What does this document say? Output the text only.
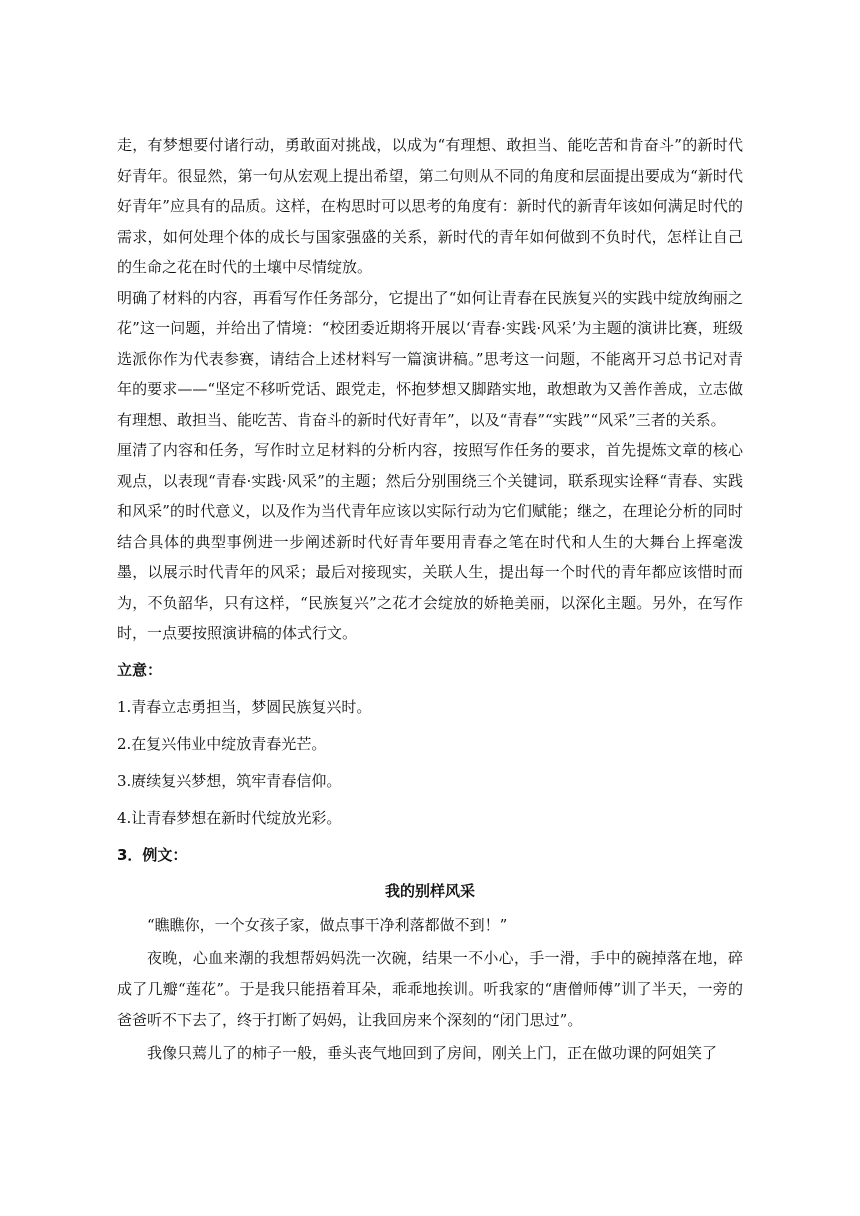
走，有梦想要付诸行动，勇敢面对挑战，以成为“有理想、敢担当、能吃苦和肯奋斗”的新时代好青年。很显然，第一句从宏观上提出希望，第二句则从不同的角度和层面提出要成为“新时代好青年”应具有的品质。这样，在构思时可以思考的角度有：新时代的新青年该如何满足时代的需求，如何处理个体的成长与国家强盛的关系，新时代的青年如何做到不负时代，怎样让自己的生命之花在时代的土壤中尽情绽放。

明确了材料的内容，再看写作任务部分，它提出了“如何让青春在民族复兴的实践中绽放绚丽之花”这一问题，并给出了情境：“校团委近期将开展以‘青春·实践·风采’为主题的演讲比赛，班级选派你作为代表参赛，请结合上述材料写一篇演讲稿。”思考这一问题，不能离开习总书记对青年的要求——“坚定不移听党话、跟党走，怀抱梦想又脚踏实地，敢想敢为又善作善成，立志做有理想、敢担当、能吃苦、肯奋斗的新时代好青年”，以及“青春”“实践”“风采”三者的关系。

厘清了内容和任务，写作时立足材料的分析内容，按照写作任务的要求，首先提炼文章的核心观点，以表现“青春·实践·风采”的主题；然后分别围绕三个关键词，联系现实诠释“青春、实践和风采”的时代意义，以及作为当代青年应该以实际行动为它们赋能；继之，在理论分析的同时结合具体的典型事例进一步阐述新时代好青年要用青春之笔在时代和人生的大舞台上挥毫泼墨，以展示时代青年的风采；最后对接现实，关联人生，提出每一个时代的青年都应该惜时而为，不负韶华，只有这样，“民族复兴”之花才会绽放的娇艳美丽，以深化主题。另外，在写作时，一点要按照演讲稿的体式行文。

立意：

1.青春立志勇担当，梦圆民族复兴时。

2.在复兴伟业中绽放青春光芒。

3.赓续复兴梦想，筑牢青春信仰。

4.让青春梦想在新时代绽放光彩。

3．例文：

我的别样风采

“瞧瞧你，一个女孩子家，做点事干净利落都做不到！”

夜晚，心血来潮的我想帮妈妈洗一次碗，结果一不小心，手一滑，手中的碗掉落在地，碎成了几瓣“莲花”。于是我只能捂着耳朵，乖乖地挨训。听我家的“唐僧师傅”训了半天，一旁的爸爸听不下去了，终于打断了妈妈，让我回房来个深刻的“闭门思过”。

我像只蔫儿了的柿子一般，垂头丧气地回到了房间，刚关上门，正在做功课的阿姐笑了
